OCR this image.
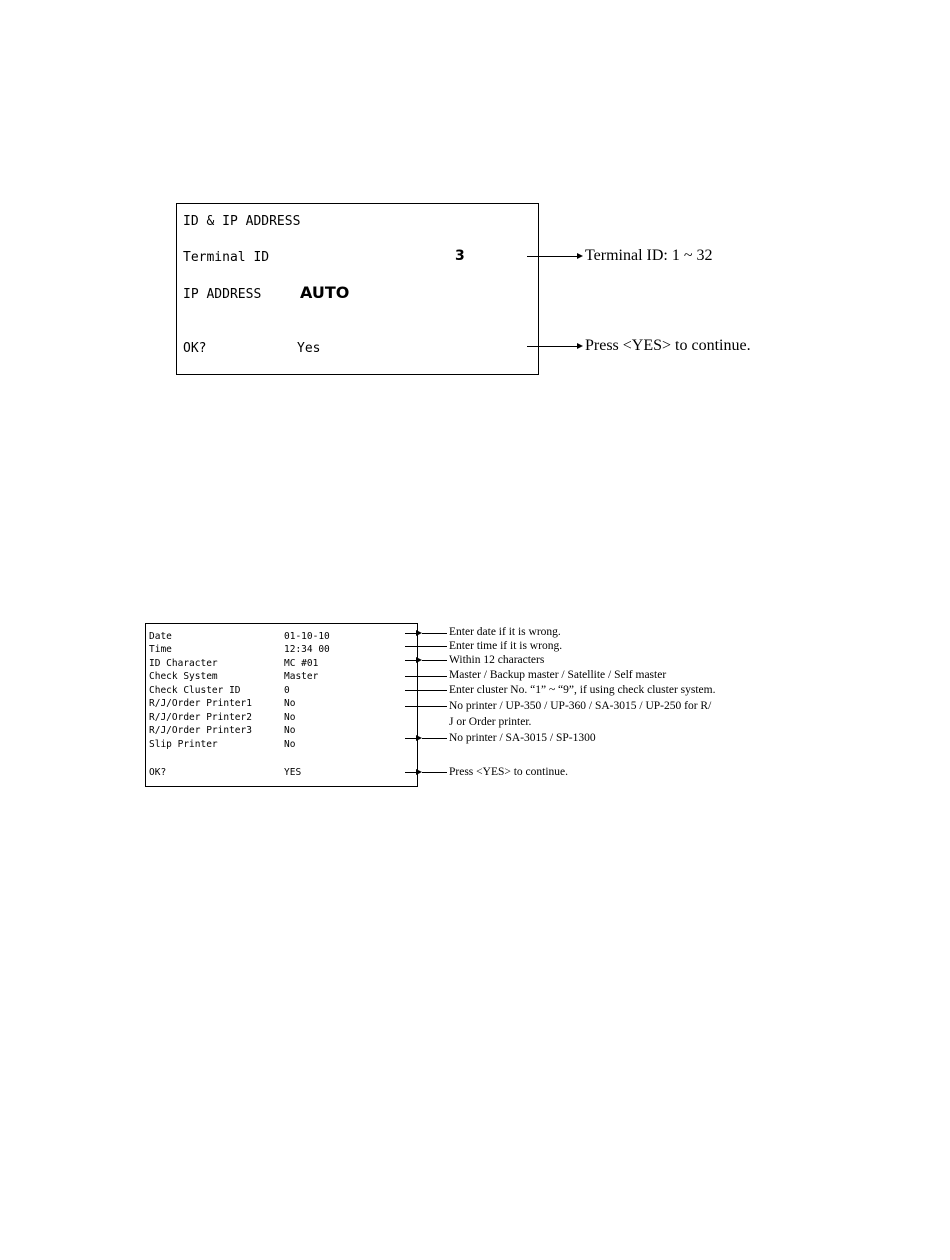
ID & IP ADDRESS
Terminal ID	3
IP ADDRESS AUTO
OK?	Yes
Terminal ID: 1 ~ 32
Press <YES> to continue.
Date	01-10-10
Time	12:34 00
ID Character	MC #01
Check System	Master
Check Cluster ID	0
R/J/Order Printer1	No
R/J/Order Printer2	No
R/J/Order Printer3	No
Slip Printer	No
OK?	YES
Enter date if it is wrong.
Enter time if it is wrong.
Within 12 characters
Master / Backup master / Satellite / Self master
Enter cluster No. “1” ~ “9”, if using check cluster system.
No printer / UP-350 / UP-360 / SA-3015 / UP-250 for R/
J or Order printer.
No printer / SA-3015 / SP-1300
Press <YES> to continue.
